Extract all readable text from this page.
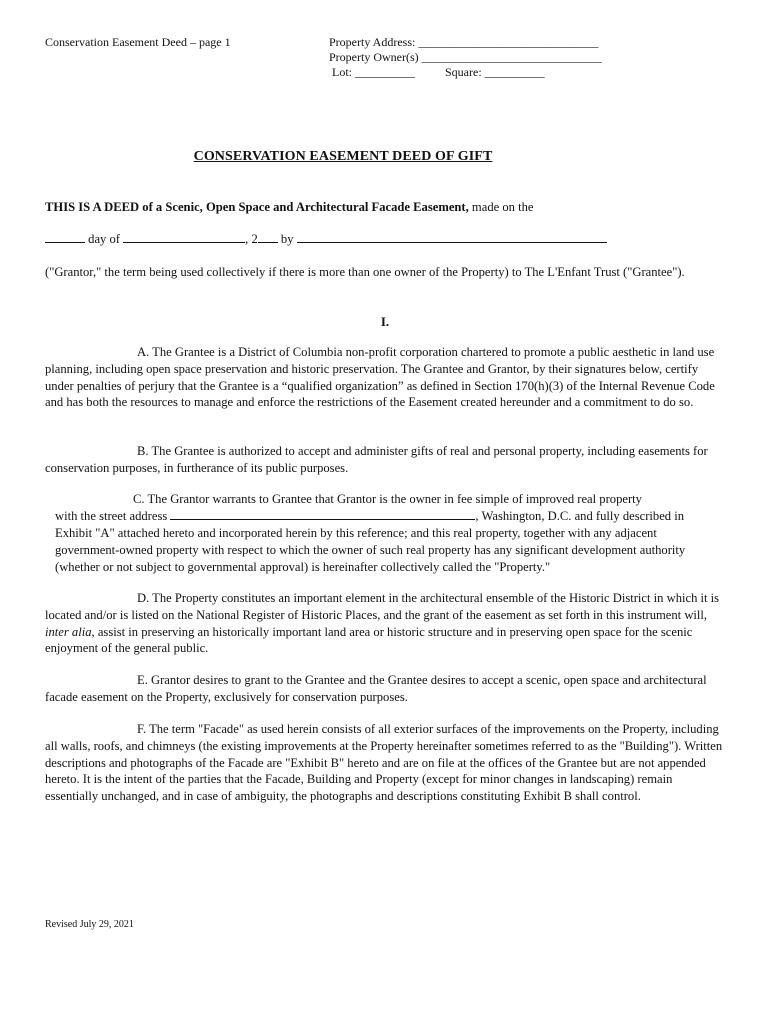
Conservation Easement Deed – page 1	Property Address: ______________________________
Property Owner(s) ______________________________
Lot: __________	Square: __________
CONSERVATION EASEMENT DEED OF GIFT
THIS IS A DEED of a Scenic, Open Space and Architectural Facade Easement, made on the
day of	, 2 by
("Grantor," the term being used collectively if there is more than one owner of the Property) to The L'Enfant Trust ("Grantee").
I.
A. The Grantee is a District of Columbia non-profit corporation chartered to promote a public aesthetic in land use planning, including open space preservation and historic preservation. The Grantee and Grantor, by their signatures below, certify under penalties of perjury that the Grantee is a “qualified organization” as defined in Section 170(h)(3) of the Internal Revenue Code and has both the resources to manage and enforce the restrictions of the Easement created hereunder and a commitment to do so.
B. The Grantee is authorized to accept and administer gifts of real and personal property, including easements for conservation purposes, in furtherance of its public purposes.
C. The Grantor warrants to Grantee that Grantor is the owner in fee simple of improved real property
with the street address	, Washington, D.C. and fully described in
Exhibit "A" attached hereto and incorporated herein by this reference; and this real property, together with any adjacent government-owned property with respect to which the owner of such real property has any significant development authority (whether or not subject to governmental approval) is hereinafter collectively called the "Property."
D. The Property constitutes an important element in the architectural ensemble of the Historic District in which it is located and/or is listed on the National Register of Historic Places, and the grant of the easement as set forth in this instrument will, inter alia, assist in preserving an historically important land area or historic structure and in preserving open space for the scenic enjoyment of the general public.
E. Grantor desires to grant to the Grantee and the Grantee desires to accept a scenic, open space and architectural facade easement on the Property, exclusively for conservation purposes.
F. The term "Facade" as used herein consists of all exterior surfaces of the improvements on the Property, including all walls, roofs, and chimneys (the existing improvements at the Property hereinafter sometimes referred to as the "Building"). Written descriptions and photographs of the Facade are "Exhibit B" hereto and are on file at the offices of the Grantee but are not appended hereto. It is the intent of the parties that the Facade, Building and Property (except for minor changes in landscaping) remain essentially unchanged, and in case of ambiguity, the photographs and descriptions constituting Exhibit B shall control.
Revised July 29, 2021
